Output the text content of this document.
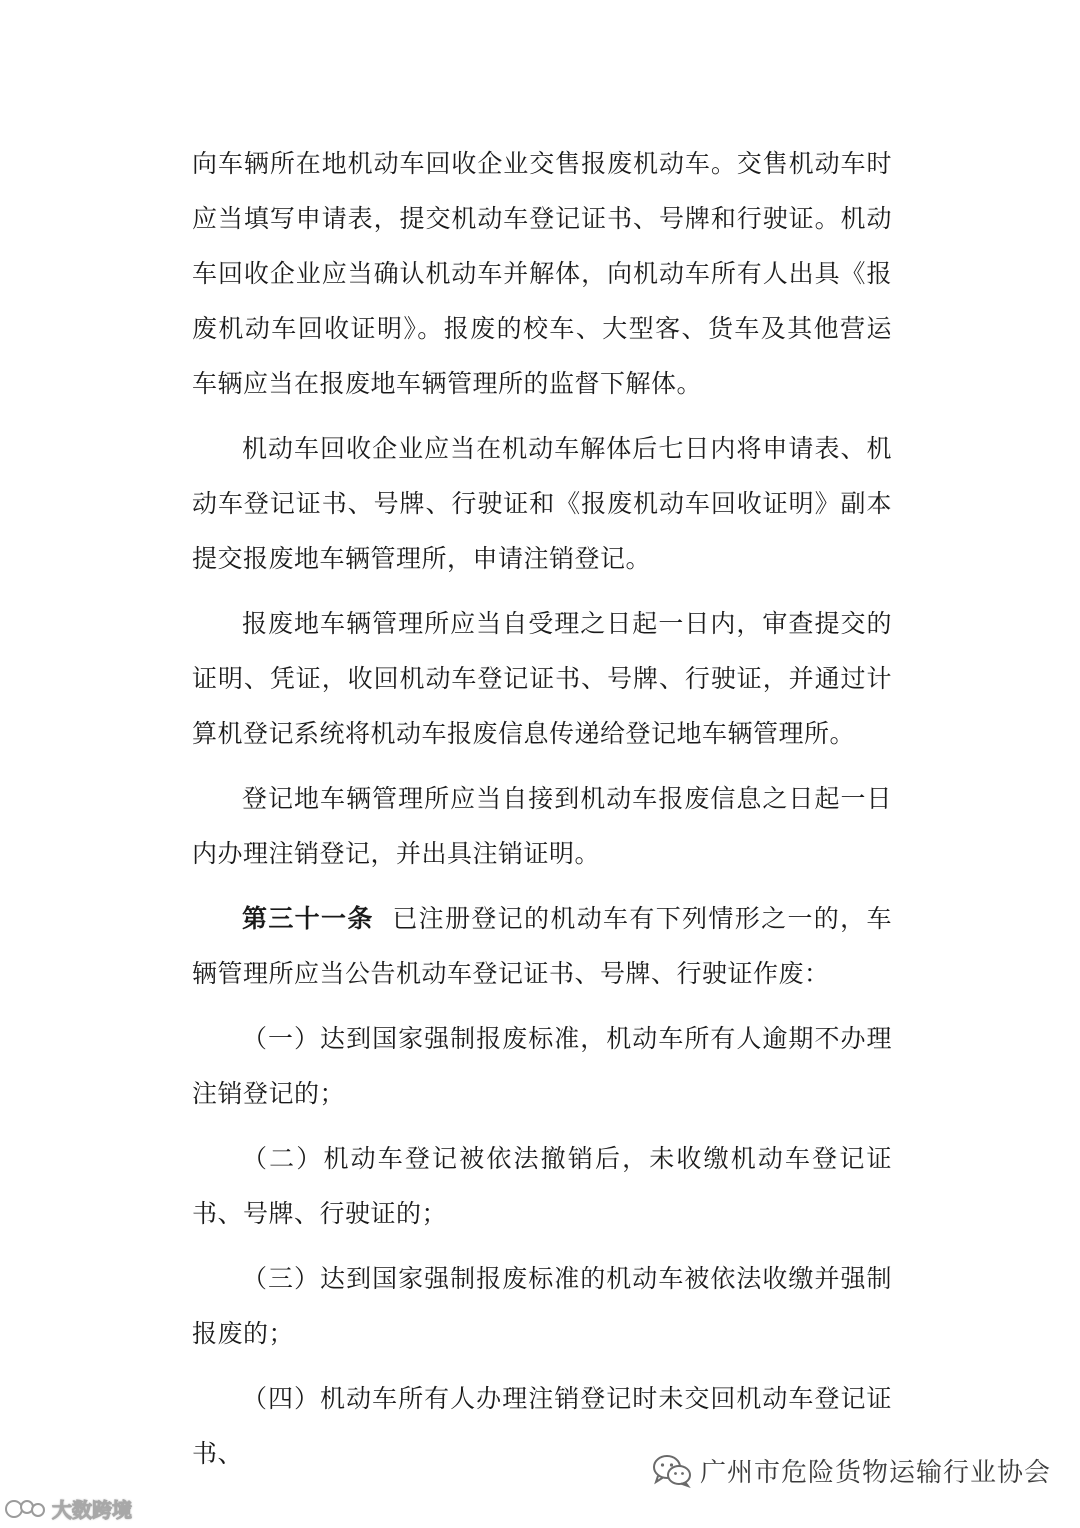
向车辆所在地机动车回收企业交售报废机动车。交售机动车时应当填写申请表，提交机动车登记证书、号牌和行驶证。机动车回收企业应当确认机动车并解体，向机动车所有人出具《报废机动车回收证明》。报废的校车、大型客、货车及其他营运车辆应当在报废地车辆管理所的监督下解体。

机动车回收企业应当在机动车解体后七日内将申请表、机动车登记证书、号牌、行驶证和《报废机动车回收证明》副本提交报废地车辆管理所，申请注销登记。

报废地车辆管理所应当自受理之日起一日内，审查提交的证明、凭证，收回机动车登记证书、号牌、行驶证，并通过计算机登记系统将机动车报废信息传递给登记地车辆管理所。

登记地车辆管理所应当自接到机动车报废信息之日起一日内办理注销登记，并出具注销证明。

第三十一条 已注册登记的机动车有下列情形之一的，车辆管理所应当公告机动车登记证书、号牌、行驶证作废：

（一）达到国家强制报废标准，机动车所有人逾期不办理注销登记的；

（二）机动车登记被依法撤销后，未收缴机动车登记证书、号牌、行驶证的；

（三）达到国家强制报废标准的机动车被依法收缴并强制报废的；

（四）机动车所有人办理注销登记时未交回机动车登记证书、

广州市危险货物运输行业协会
大数跨境
